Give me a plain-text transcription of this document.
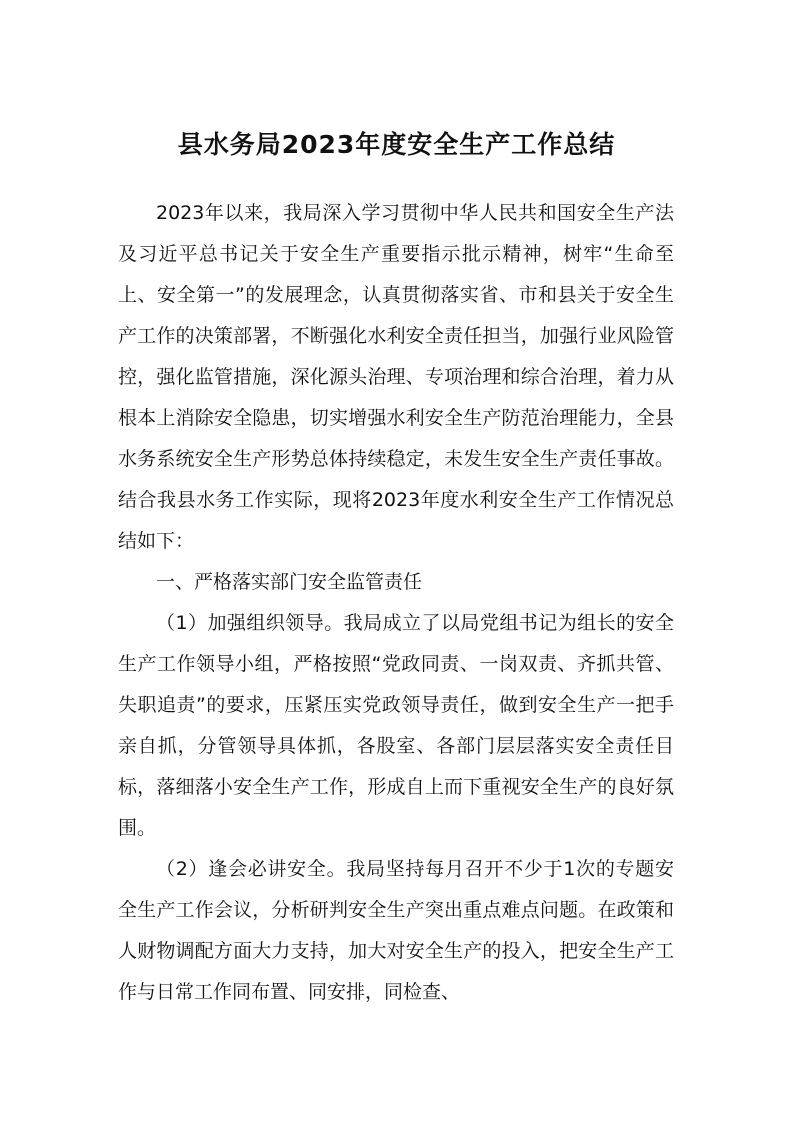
县水务局2023年度安全生产工作总结

2023年以来，我局深入学习贯彻中华人民共和国安全生产法及习近平总书记关于安全生产重要指示批示精神，树牢“生命至上、安全第一”的发展理念，认真贯彻落实省、市和县关于安全生产工作的决策部署，不断强化水利安全责任担当，加强行业风险管控，强化监管措施，深化源头治理、专项治理和综合治理，着力从根本上消除安全隐患，切实增强水利安全生产防范治理能力，全县水务系统安全生产形势总体持续稳定，未发生安全生产责任事故。结合我县水务工作实际，现将2023年度水利安全生产工作情况总结如下：

一、严格落实部门安全监管责任

（1）加强组织领导。我局成立了以局党组书记为组长的安全生产工作领导小组，严格按照“党政同责、一岗双责、齐抓共管、失职追责”的要求，压紧压实党政领导责任，做到安全生产一把手亲自抓，分管领导具体抓，各股室、各部门层层落实安全责任目标，落细落小安全生产工作，形成自上而下重视安全生产的良好氛围。

（2）逢会必讲安全。我局坚持每月召开不少于1次的专题安全生产工作会议，分析研判安全生产突出重点难点问题。在政策和人财物调配方面大力支持，加大对安全生产的投入，把安全生产工作与日常工作同布置、同安排，同检查、
